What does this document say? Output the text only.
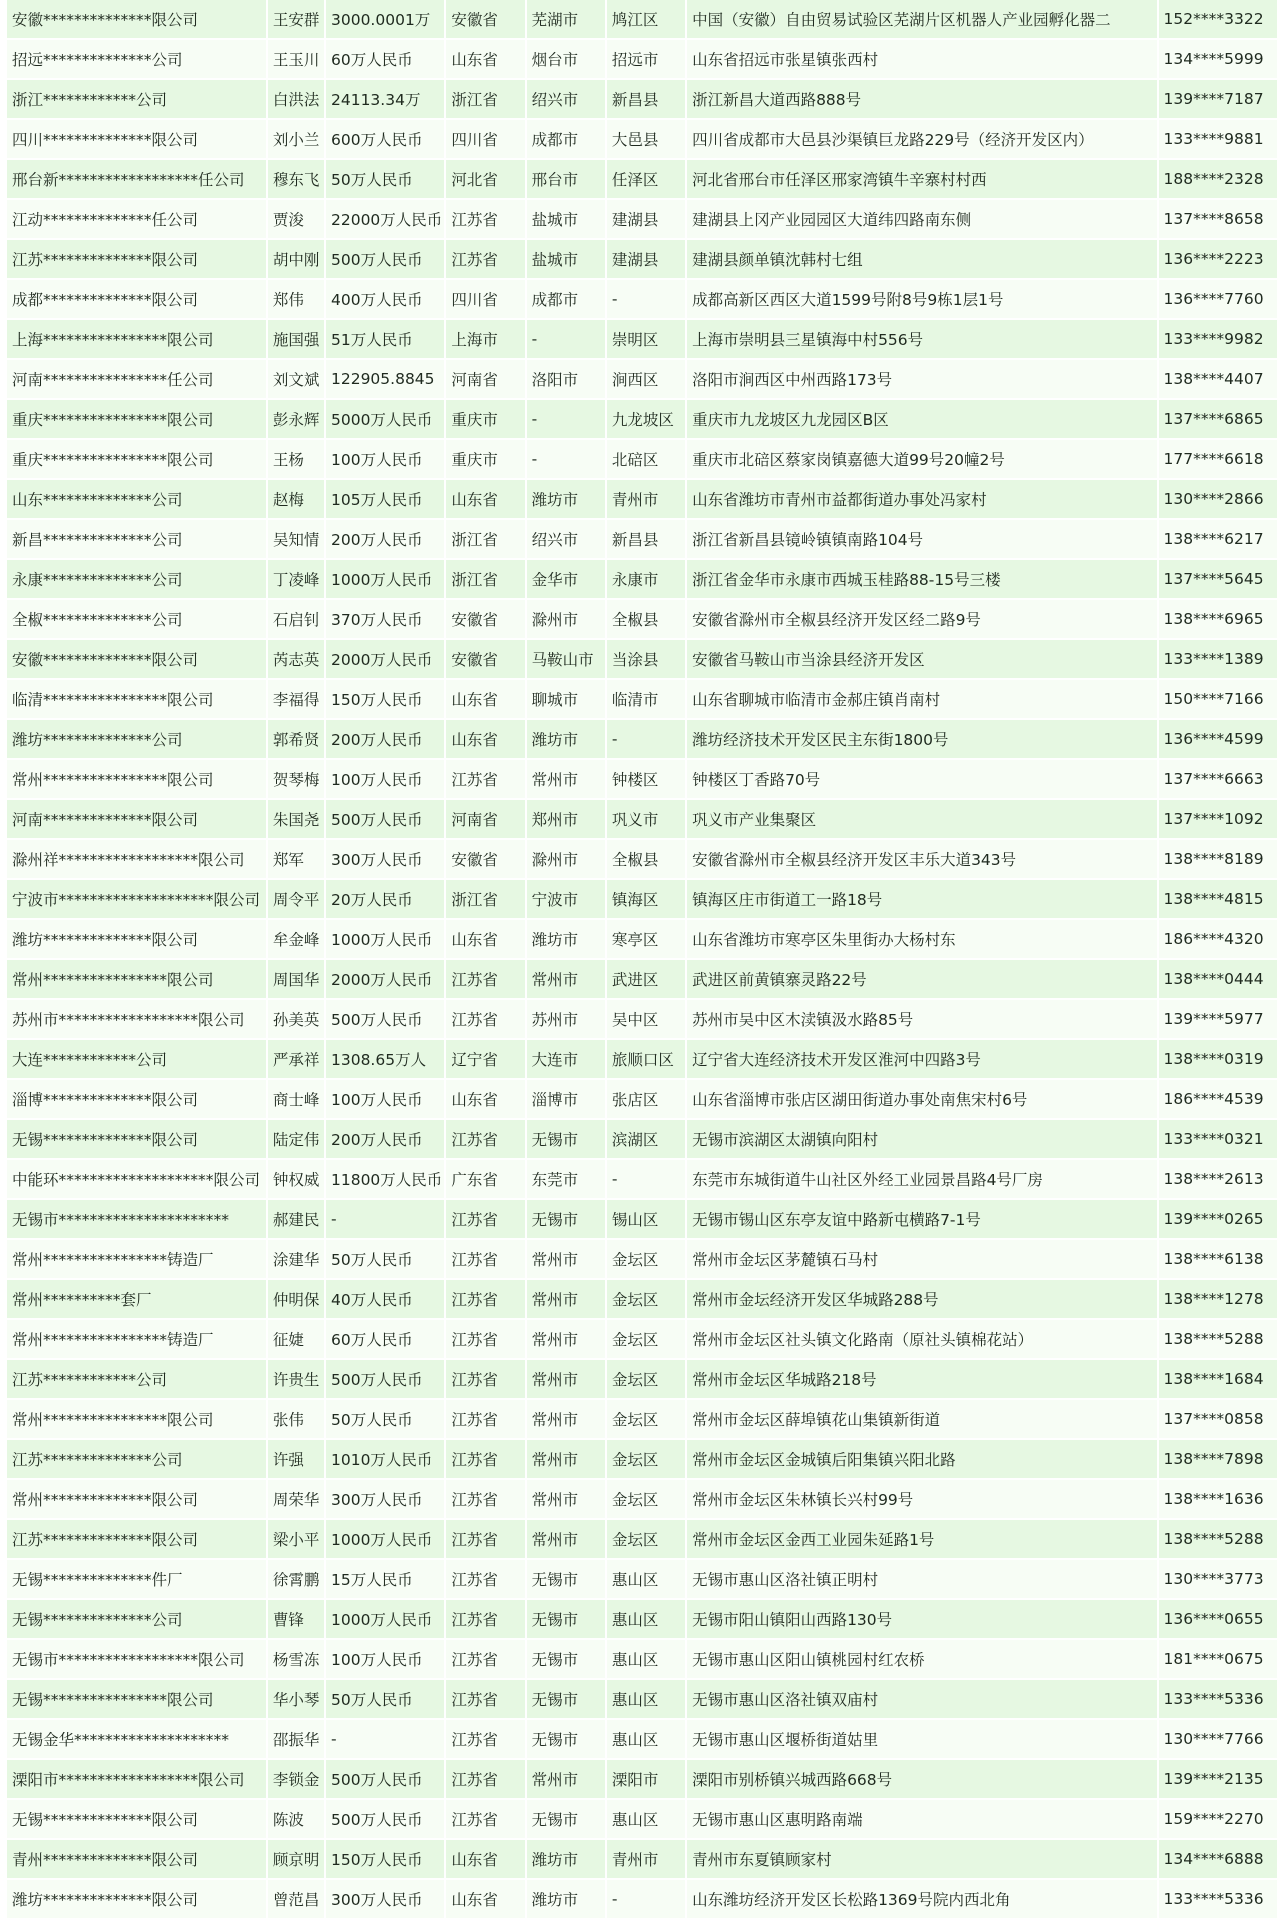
安徽**************限公司	王安群	3000.0001万	安徽省	芜湖市	鸠江区	中国（安徽）自由贸易试验区芜湖片区机器人产业园孵化器二	152****3322
招远**************公司	王玉川	60万人民币	山东省	烟台市	招远市	山东省招远市张星镇张西村	134****5999
浙江************公司	白洪法	24113.34万	浙江省	绍兴市	新昌县	浙江新昌大道西路888号	139****7187
四川**************限公司	刘小兰	600万人民币	四川省	成都市	大邑县	四川省成都市大邑县沙渠镇巨龙路229号（经济开发区内）	133****9881
邢台新******************任公司	穆东飞	50万人民币	河北省	邢台市	任泽区	河北省邢台市任泽区邢家湾镇牛辛寨村村西	188****2328
江动**************任公司	贾浚	22000万人民币	江苏省	盐城市	建湖县	建湖县上冈产业园园区大道纬四路南东侧	137****8658
江苏**************限公司	胡中刚	500万人民币	江苏省	盐城市	建湖县	建湖县颜单镇沈韩村七组	136****2223
成都**************限公司	郑伟	400万人民币	四川省	成都市	-	成都高新区西区大道1599号附8号9栋1层1号	136****7760
上海****************限公司	施国强	51万人民币	上海市	-	崇明区	上海市崇明县三星镇海中村556号	133****9982
河南****************任公司	刘文斌	122905.8845	河南省	洛阳市	涧西区	洛阳市涧西区中州西路173号	138****4407
重庆****************限公司	彭永辉	5000万人民币	重庆市	-	九龙坡区	重庆市九龙坡区九龙园区B区	137****6865
重庆****************限公司	王杨	100万人民币	重庆市	-	北碚区	重庆市北碚区蔡家岗镇嘉德大道99号20幢2号	177****6618
山东**************公司	赵梅	105万人民币	山东省	潍坊市	青州市	山东省潍坊市青州市益都街道办事处冯家村	130****2866
新昌**************公司	吴知情	200万人民币	浙江省	绍兴市	新昌县	浙江省新昌县镜岭镇镇南路104号	138****6217
永康**************公司	丁凌峰	1000万人民币	浙江省	金华市	永康市	浙江省金华市永康市西城玉桂路88-15号三楼	137****5645
全椒**************公司	石启钊	370万人民币	安徽省	滁州市	全椒县	安徽省滁州市全椒县经济开发区经二路9号	138****6965
安徽**************限公司	芮志英	2000万人民币	安徽省	马鞍山市	当涂县	安徽省马鞍山市当涂县经济开发区	133****1389
临清****************限公司	李福得	150万人民币	山东省	聊城市	临清市	山东省聊城市临清市金郝庄镇肖南村	150****7166
潍坊**************公司	郭希贤	200万人民币	山东省	潍坊市	-	潍坊经济技术开发区民主东街1800号	136****4599
常州****************限公司	贺琴梅	100万人民币	江苏省	常州市	钟楼区	钟楼区丁香路70号	137****6663
河南**************限公司	朱国尧	500万人民币	河南省	郑州市	巩义市	巩义市产业集聚区	137****1092
滁州祥******************限公司	郑军	300万人民币	安徽省	滁州市	全椒县	安徽省滁州市全椒县经济开发区丰乐大道343号	138****8189
宁波市********************限公司	周令平	20万人民币	浙江省	宁波市	镇海区	镇海区庄市街道工一路18号	138****4815
潍坊**************限公司	牟金峰	1000万人民币	山东省	潍坊市	寒亭区	山东省潍坊市寒亭区朱里街办大杨村东	186****4320
常州****************限公司	周国华	2000万人民币	江苏省	常州市	武进区	武进区前黄镇寨灵路22号	138****0444
苏州市******************限公司	孙美英	500万人民币	江苏省	苏州市	吴中区	苏州市吴中区木渎镇汲水路85号	139****5977
大连************公司	严承祥	1308.65万人	辽宁省	大连市	旅顺口区	辽宁省大连经济技术开发区淮河中四路3号	138****0319
淄博**************限公司	商士峰	100万人民币	山东省	淄博市	张店区	山东省淄博市张店区湖田街道办事处南焦宋村6号	186****4539
无锡**************限公司	陆定伟	200万人民币	江苏省	无锡市	滨湖区	无锡市滨湖区太湖镇向阳村	133****0321
中能环********************限公司	钟权威	11800万人民币	广东省	东莞市	-	东莞市东城街道牛山社区外经工业园景昌路4号厂房	138****2613
无锡市**********************	郝建民	-	江苏省	无锡市	锡山区	无锡市锡山区东亭友谊中路新屯横路7-1号	139****0265
常州****************铸造厂	涂建华	50万人民币	江苏省	常州市	金坛区	常州市金坛区茅麓镇石马村	138****6138
常州**********套厂	仲明保	40万人民币	江苏省	常州市	金坛区	常州市金坛经济开发区华城路288号	138****1278
常州****************铸造厂	征婕	60万人民币	江苏省	常州市	金坛区	常州市金坛区社头镇文化路南（原社头镇棉花站）	138****5288
江苏************公司	许贵生	500万人民币	江苏省	常州市	金坛区	常州市金坛区华城路218号	138****1684
常州****************限公司	张伟	50万人民币	江苏省	常州市	金坛区	常州市金坛区薛埠镇花山集镇新街道	137****0858
江苏**************公司	许强	1010万人民币	江苏省	常州市	金坛区	常州市金坛区金城镇后阳集镇兴阳北路	138****7898
常州**************限公司	周荣华	300万人民币	江苏省	常州市	金坛区	常州市金坛区朱林镇长兴村99号	138****1636
江苏**************限公司	梁小平	1000万人民币	江苏省	常州市	金坛区	常州市金坛区金西工业园朱延路1号	138****5288
无锡**************件厂	徐霄鹏	15万人民币	江苏省	无锡市	惠山区	无锡市惠山区洛社镇正明村	130****3773
无锡**************公司	曹锋	1000万人民币	江苏省	无锡市	惠山区	无锡市阳山镇阳山西路130号	136****0655
无锡市******************限公司	杨雪冻	100万人民币	江苏省	无锡市	惠山区	无锡市惠山区阳山镇桃园村红农桥	181****0675
无锡****************限公司	华小琴	50万人民币	江苏省	无锡市	惠山区	无锡市惠山区洛社镇双庙村	133****5336
无锡金华********************	邵振华	-	江苏省	无锡市	惠山区	无锡市惠山区堰桥街道姑里	130****7766
溧阳市******************限公司	李锁金	500万人民币	江苏省	常州市	溧阳市	溧阳市别桥镇兴城西路668号	139****2135
无锡**************限公司	陈波	500万人民币	江苏省	无锡市	惠山区	无锡市惠山区惠明路南端	159****2270
青州**************限公司	顾京明	150万人民币	山东省	潍坊市	青州市	青州市东夏镇顾家村	134****6888
潍坊**************限公司	曾范昌	300万人民币	山东省	潍坊市	-	山东潍坊经济开发区长松路1369号院内西北角	133****5336
